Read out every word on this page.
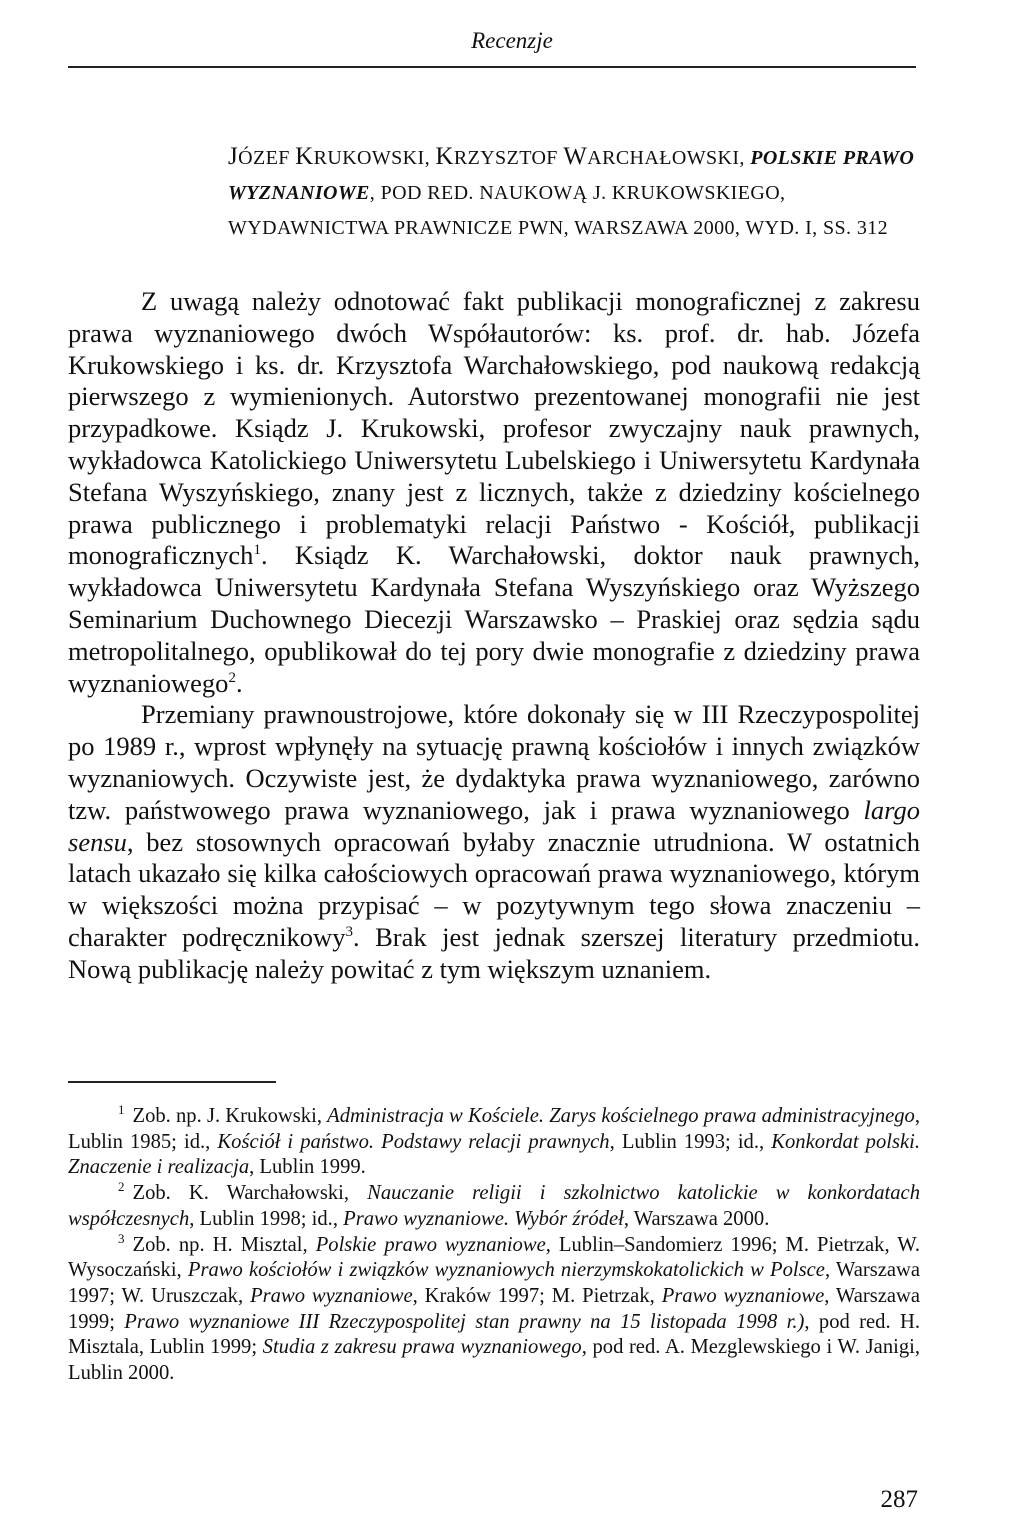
Recenzje
JÓZEF KRUKOWSKI, KRZYSZTOF WARCHAŁOWSKI, POLSKIE PRAWO WYZNANIOWE, POD RED. NAUKOWĄ J. KRUKOWSKIEGO, WYDAWNICTWA PRAWNICZE PWN, WARSZAWA 2000, WYD. I, SS. 312

Z uwagą należy odnotować fakt publikacji monograficznej z zakresu prawa wyznaniowego dwóch Współautorów: ks. prof. dr. hab. Józefa Krukowskiego i ks. dr. Krzysztofa Warchałowskiego, pod naukową redakcją pierwszego z wymienionych. Autorstwo prezentowanej monografii nie jest przypadkowe. Ksiądz J. Krukowski, profesor zwyczajny nauk prawnych, wykładowca Katolickiego Uniwersytetu Lubelskiego i Uniwersytetu Kardynała Stefana Wyszyńskiego, znany jest z licznych, także z dziedziny kościelnego prawa publicznego i problematyki relacji Państwo - Kościół, publikacji monograficznych$^1$. Ksiądz K. Warchałowski, doktor nauk prawnych, wykładowca Uniwersytetu Kardynała Stefana Wyszyńskiego oraz Wyższego Seminarium Duchownego Diecezji Warszawsko – Praskiej oraz sędzia sądu metropolitalnego, opublikował do tej pory dwie monografie z dziedziny prawa wyznaniowego$^2$.

Przemiany prawnoustrojowe, które dokonały się w III Rzeczypospolitej po 1989 r., wprost wpłynęły na sytuację prawną kościołów i innych związków wyznaniowych. Oczywiste jest, że dydaktyka prawa wyznaniowego, zarówno tzw. państwowego prawa wyznaniowego, jak i prawa wyznaniowego largo sensu, bez stosownych opracowań byłaby znacznie utrudniona. W ostatnich latach ukazało się kilka całościowych opracowań prawa wyznaniowego, którym w większości można przypisać – w pozytywnym tego słowa znaczeniu – charakter podręcznikowy$^3$. Brak jest jednak szerszej literatury przedmiotu. Nową publikację należy powitać z tym większym uznaniem.

$^1$ Zob. np. J. Krukowski, Administracja w Kościele. Zarys kościelnego prawa administracyjnego, Lublin 1985; id., Kościół i państwo. Podstawy relacji prawnych, Lublin 1993; id., Konkordat polski. Znaczenie i realizacja, Lublin 1999.

$^2$ Zob. K. Warchałowski, Nauczanie religii i szkolnictwo katolickie w konkordatach współczesnych, Lublin 1998; id., Prawo wyznaniowe. Wybór źródeł, Warszawa 2000.

$^3$ Zob. np. H. Misztal, Polskie prawo wyznaniowe, Lublin–Sandomierz 1996; M. Pietrzak, W. Wysoczański, Prawo kościołów i związków wyznaniowych nierzymskokatolickich w Polsce, Warszawa 1997; W. Uruszczak, Prawo wyznaniowe, Kraków 1997; M. Pietrzak, Prawo wyznaniowe, Warszawa 1999; Prawo wyznaniowe III Rzeczypospolitej stan prawny na 15 listopada 1998 r.), pod red. H. Misztala, Lublin 1999; Studia z zakresu prawa wyznaniowego, pod red. A. Mezglewskiego i W. Janigi, Lublin 2000.

287
